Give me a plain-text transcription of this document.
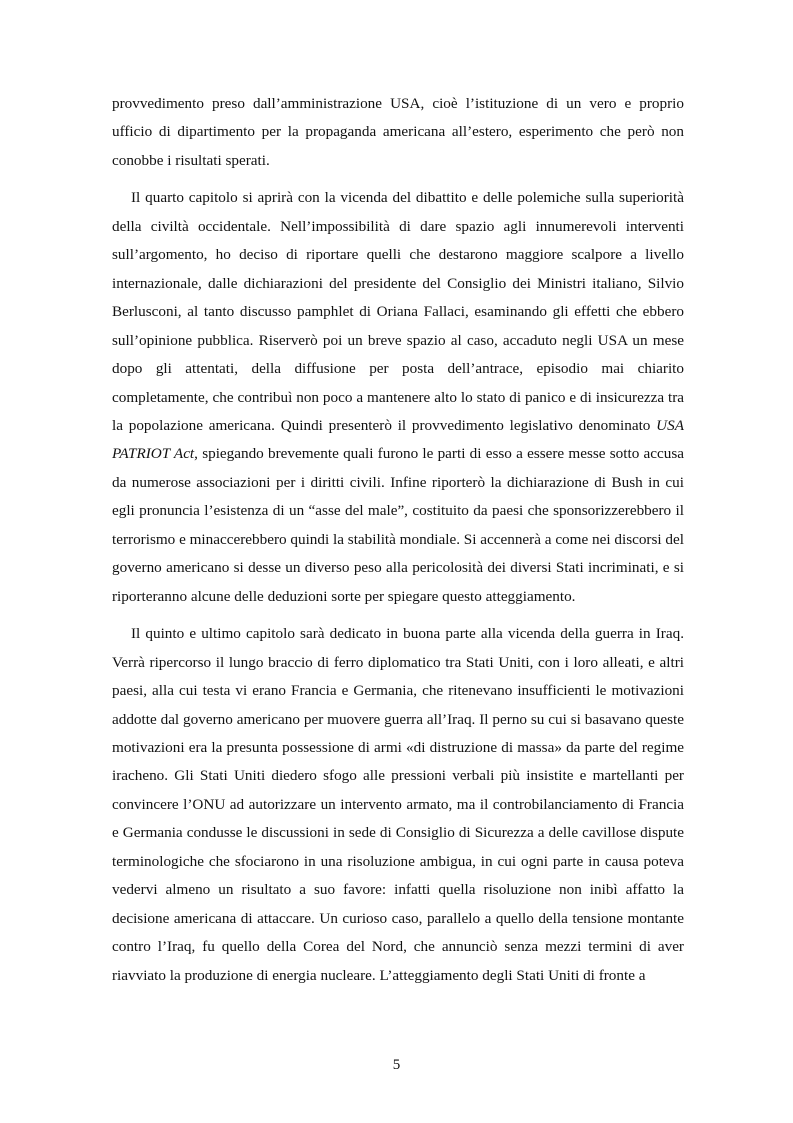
provvedimento preso dall’amministrazione USA, cioè l’istituzione di un vero e proprio ufficio di dipartimento per la propaganda americana all’estero, esperimento che però non conobbe i risultati sperati.

Il quarto capitolo si aprirà con la vicenda del dibattito e delle polemiche sulla superiorità della civiltà occidentale. Nell’impossibilità di dare spazio agli innumerevoli interventi sull’argomento, ho deciso di riportare quelli che destarono maggiore scalpore a livello internazionale, dalle dichiarazioni del presidente del Consiglio dei Ministri italiano, Silvio Berlusconi, al tanto discusso pamphlet di Oriana Fallaci, esaminando gli effetti che ebbero sull’opinione pubblica. Riserverò poi un breve spazio al caso, accaduto negli USA un mese dopo gli attentati, della diffusione per posta dell’antrace, episodio mai chiarito completamente, che contribuì non poco a mantenere alto lo stato di panico e di insicurezza tra la popolazione americana. Quindi presenterò il provvedimento legislativo denominato USA PATRIOT Act, spiegando brevemente quali furono le parti di esso a essere messe sotto accusa da numerose associazioni per i diritti civili. Infine riporterò la dichiarazione di Bush in cui egli pronuncia l’esistenza di un “asse del male”, costituito da paesi che sponsorizzerebbero il terrorismo e minaccerebbero quindi la stabilità mondiale. Si accennerà a come nei discorsi del governo americano si desse un diverso peso alla pericolosità dei diversi Stati incriminati, e si riporteranno alcune delle deduzioni sorte per spiegare questo atteggiamento.

Il quinto e ultimo capitolo sarà dedicato in buona parte alla vicenda della guerra in Iraq. Verrà ripercorso il lungo braccio di ferro diplomatico tra Stati Uniti, con i loro alleati, e altri paesi, alla cui testa vi erano Francia e Germania, che ritenevano insufficienti le motivazioni addotte dal governo americano per muovere guerra all’Iraq. Il perno su cui si basavano queste motivazioni era la presunta possessione di armi «di distruzione di massa» da parte del regime iracheno. Gli Stati Uniti diedero sfogo alle pressioni verbali più insistite e martellanti per convincere l’ONU ad autorizzare un intervento armato, ma il controbilanciamento di Francia e Germania condusse le discussioni in sede di Consiglio di Sicurezza a delle cavillose dispute terminologiche che sfociarono in una risoluzione ambigua, in cui ogni parte in causa poteva vedervi almeno un risultato a suo favore: infatti quella risoluzione non inibì affatto la decisione americana di attaccare. Un curioso caso, parallelo a quello della tensione montante contro l’Iraq, fu quello della Corea del Nord, che annunciò senza mezzi termini di aver riavviato la produzione di energia nucleare. L’atteggiamento degli Stati Uniti di fronte a

5
